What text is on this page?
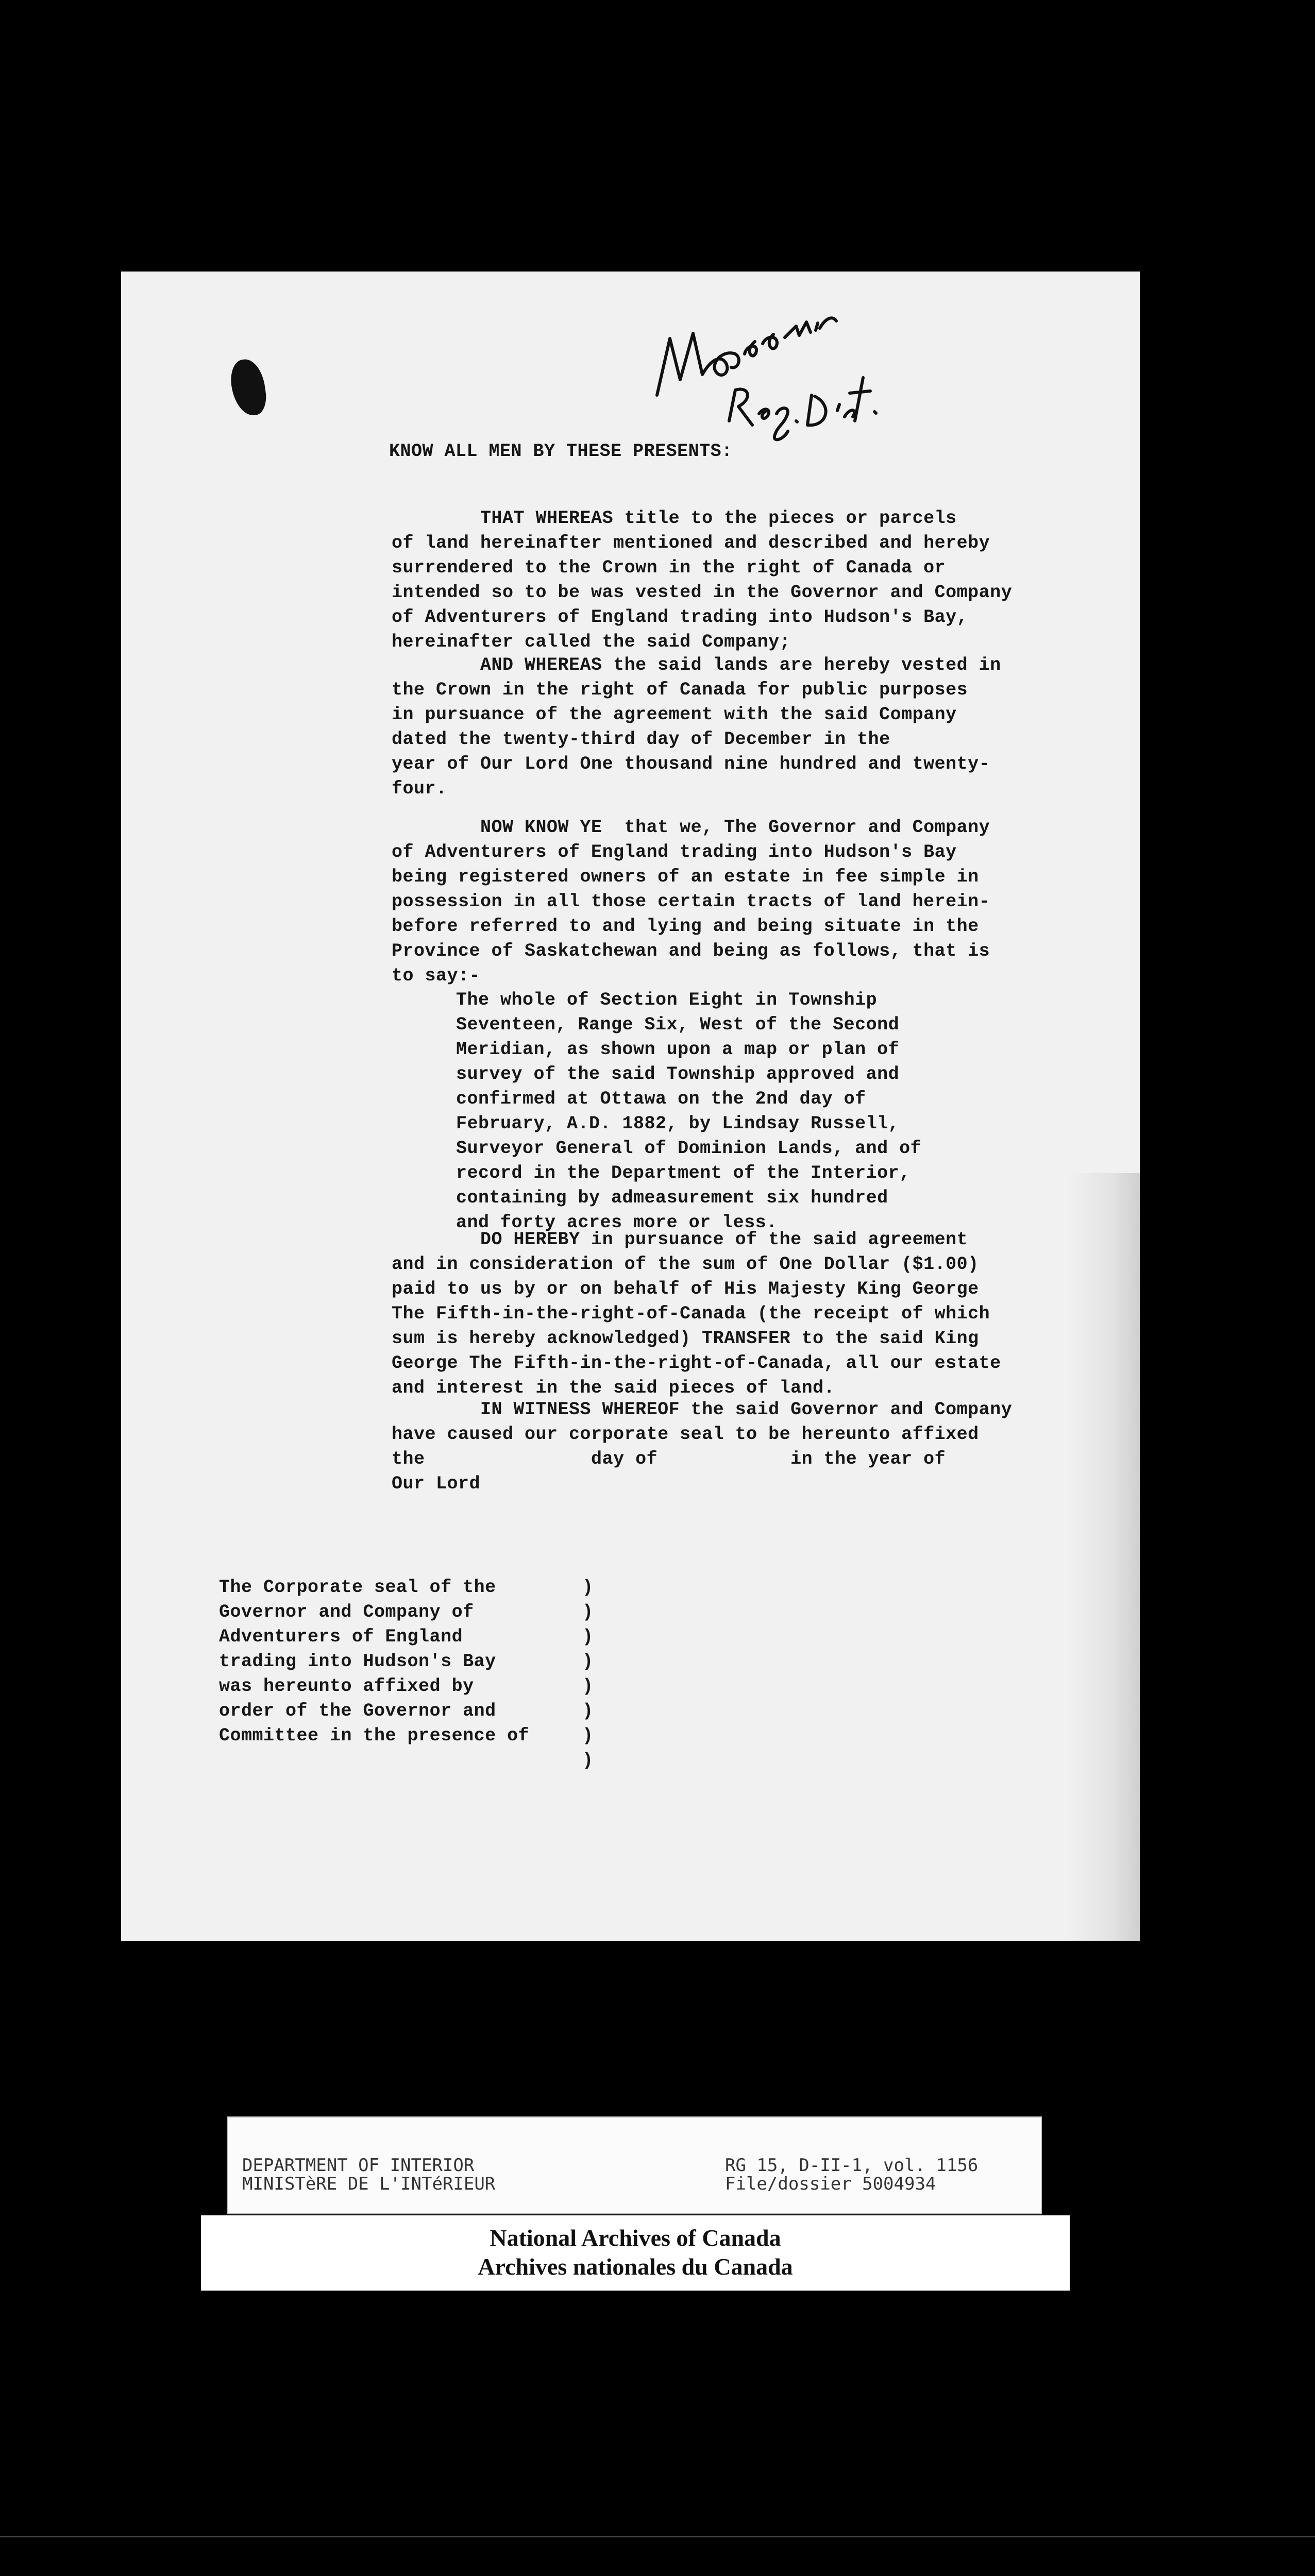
KNOW ALL MEN BY THESE PRESENTS:
THAT WHEREAS title to the pieces or parcels
of land hereinafter mentioned and described and hereby
surrendered to the Crown in the right of Canada or
intended so to be was vested in the Governor and Company
of Adventurers of England trading into Hudson's Bay,
hereinafter called the said Company;
AND WHEREAS the said lands are hereby vested in
the Crown in the right of Canada for public purposes
in pursuance of the agreement with the said Company
dated the twenty-third day of December in the
year of Our Lord One thousand nine hundred and twenty-
four.
NOW KNOW YE  that we, The Governor and Company
of Adventurers of England trading into Hudson's Bay
being registered owners of an estate in fee simple in
possession in all those certain tracts of land herein-
before referred to and lying and being situate in the
Province of Saskatchewan and being as follows, that is
to say:-
The whole of Section Eight in Township
Seventeen, Range Six, West of the Second
Meridian, as shown upon a map or plan of
survey of the said Township approved and
confirmed at Ottawa on the 2nd day of
February, A.D. 1882, by Lindsay Russell,
Surveyor General of Dominion Lands, and of
record in the Department of the Interior,
containing by admeasurement six hundred
and forty acres more or less.
DO HEREBY in pursuance of the said agreement
and in consideration of the sum of One Dollar ($1.00)
paid to us by or on behalf of His Majesty King George
The Fifth-in-the-right-of-Canada (the receipt of which
sum is hereby acknowledged) TRANSFER to the said King
George The Fifth-in-the-right-of-Canada, all our estate
and interest in the said pieces of land.
IN WITNESS WHEREOF the said Governor and Company
have caused our corporate seal to be hereunto affixed
the               day of            in the year of
Our Lord
The Corporate seal of the
Governor and Company of
Adventurers of England
trading into Hudson's Bay
was hereunto affixed by
order of the Governor and
Committee in the presence of
)
)
)
)
)
)
)
)
DEPARTMENT OF INTERIOR
MINISTèRE DE L'INTéRIEUR
RG 15, D-II-1, vol. 1156
File/dossier 5004934
National Archives of Canada
Archives nationales du Canada
